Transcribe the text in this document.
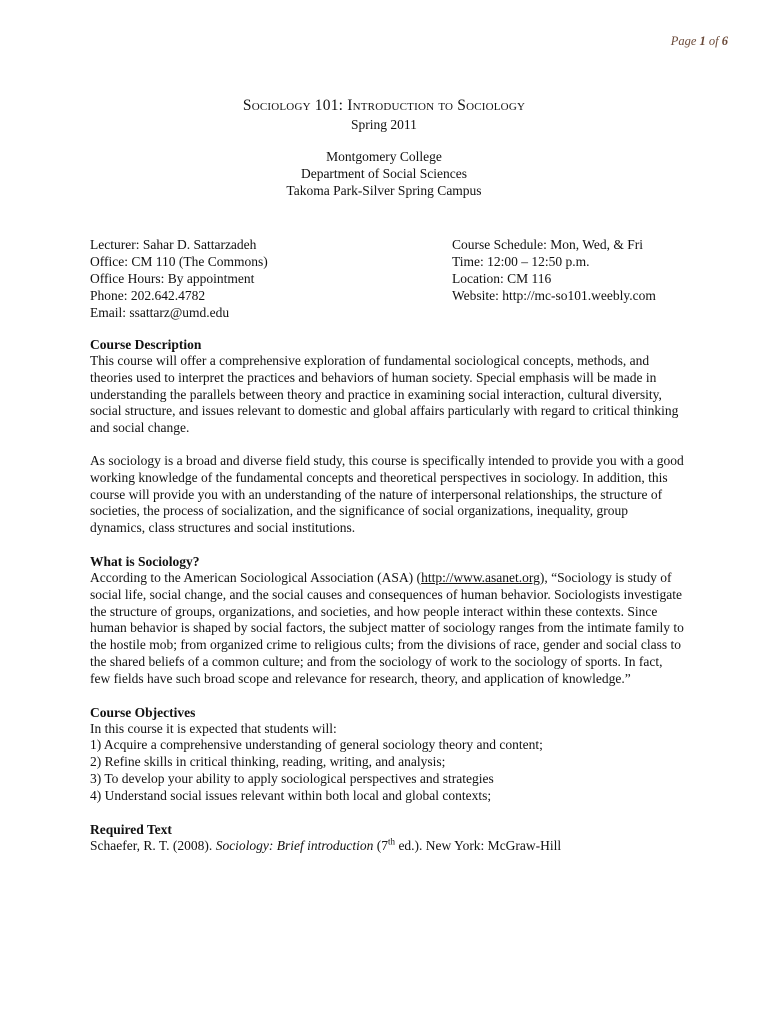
Page 1 of 6
Sociology 101: Introduction to Sociology
Spring 2011
Montgomery College
Department of Social Sciences
Takoma Park-Silver Spring Campus
Lecturer: Sahar D. Sattarzadeh
Office: CM 110 (The Commons)
Office Hours: By appointment
Phone: 202.642.4782
Email: ssattarz@umd.edu
Course Schedule: Mon, Wed, & Fri
Time: 12:00 – 12:50 p.m.
Location: CM 116
Website: http://mc-so101.weebly.com
Course Description

This course will offer a comprehensive exploration of fundamental sociological concepts, methods, and theories used to interpret the practices and behaviors of human society. Special emphasis will be made in understanding the parallels between theory and practice in examining social interaction, cultural diversity, social structure, and issues relevant to domestic and global affairs particularly with regard to critical thinking and social change.

As sociology is a broad and diverse field study, this course is specifically intended to provide you with a good working knowledge of the fundamental concepts and theoretical perspectives in sociology. In addition, this course will provide you with an understanding of the nature of interpersonal relationships, the structure of societies, the process of socialization, and the significance of social organizations, inequality, group dynamics, class structures and social institutions.

What is Sociology?

According to the American Sociological Association (ASA) (http://www.asanet.org), “Sociology is study of social life, social change, and the social causes and consequences of human behavior. Sociologists investigate the structure of groups, organizations, and societies, and how people interact within these contexts. Since human behavior is shaped by social factors, the subject matter of sociology ranges from the intimate family to the hostile mob; from organized crime to religious cults; from the divisions of race, gender and social class to the shared beliefs of a common culture; and from the sociology of work to the sociology of sports. In fact, few fields have such broad scope and relevance for research, theory, and application of knowledge.”

Course Objectives
In this course it is expected that students will:
1) Acquire a comprehensive understanding of general sociology theory and content;
2) Refine skills in critical thinking, reading, writing, and analysis;
3) To develop your ability to apply sociological perspectives and strategies
4) Understand social issues relevant within both local and global contexts;
Required Text
Schaefer, R. T. (2008). Sociology: Brief introduction (7th ed.). New York: McGraw-Hill
